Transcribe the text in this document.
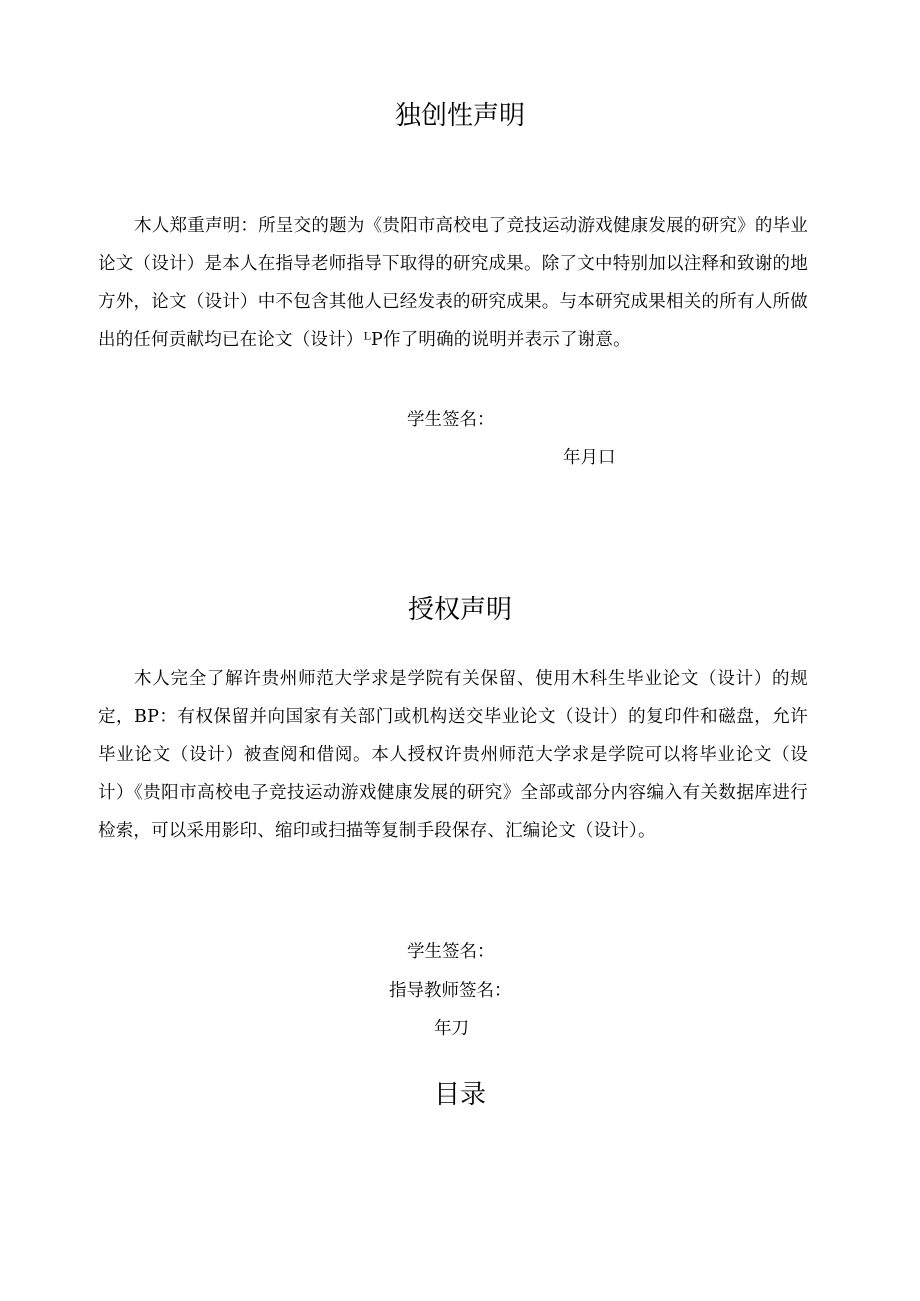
独创性声明

木人郑重声明：所呈交的题为《贵阳市高校电了竞技运动游戏健康发展的研究》的毕业论文（设计）是本人在指导老师指导下取得的研究成果。除了文中特别加以注释和致谢的地方外，论文（设计）中不包含其他人已经发表的研究成果。与本研究成果相关的所有人所做出的任何贡献均已在论文（设计）ᴸP作了明确的说明并表示了谢意。

学生签名：
年月口
授权声明

木人完全了解许贵州师范大学求是学院有关保留、使用木科生毕业论文（设计）的规定，BP：有权保留并向国家有关部门或机构送交毕业论文（设计）的复印件和磁盘，允许毕业论文（设计）被查阅和借阅。本人授权许贵州师范大学求是学院可以将毕业论文（设计）《贵阳市高校电子竞技运动游戏健康发展的研究》全部或部分内容编入有关数据库进行检索，可以采用影印、缩印或扫描等复制手段保存、汇编论文（设计）。

学生签名：
指导教师签名：
年刀
目录
